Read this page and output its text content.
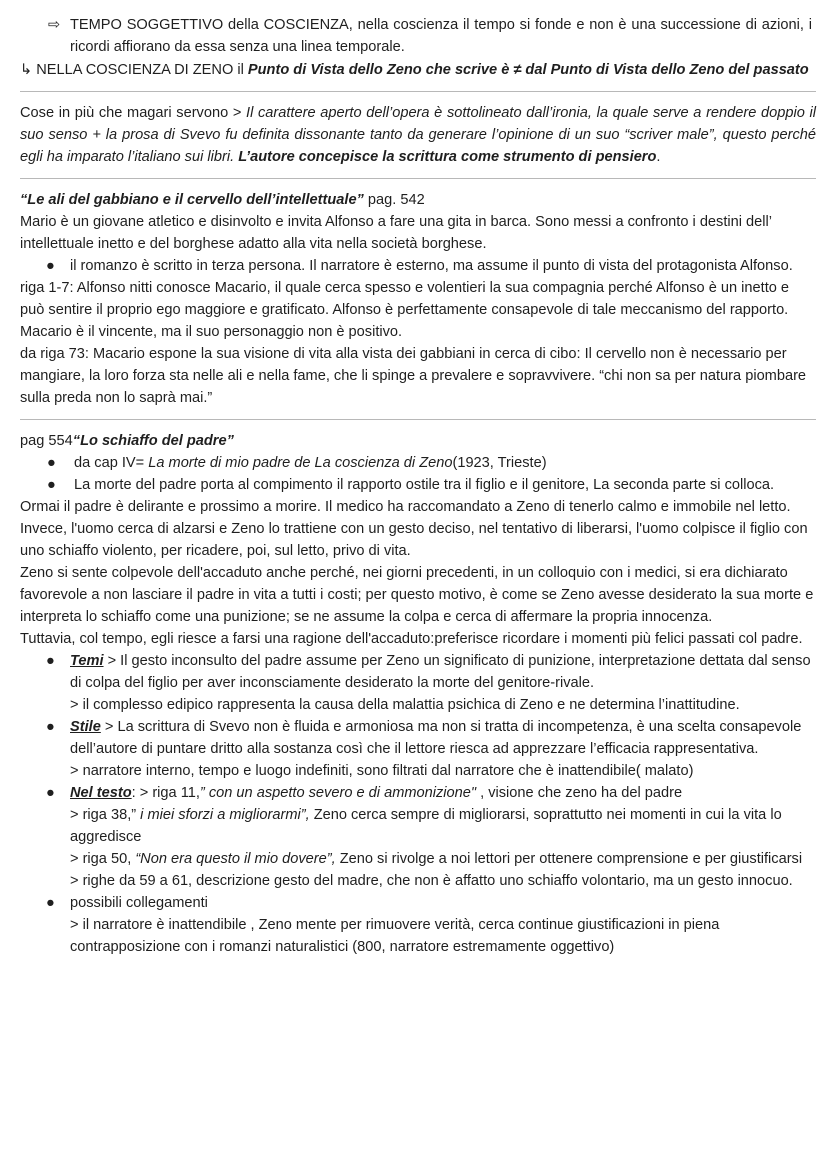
⇨ TEMPO SOGGETTIVO della COSCIENZA, nella coscienza il tempo si fonde e non è una successione di azioni, i ricordi affiorano da essa senza una linea temporale.

↳ NELLA COSCIENZA DI ZENO il Punto di Vista dello Zeno che scrive è ≠ dal Punto di Vista dello Zeno del passato

Cose in più che magari servono > Il carattere aperto dell’opera è sottolineato dall’ironia, la quale serve a rendere doppio il suo senso + la prosa di Svevo fu definita dissonante tanto da generare l’opinione di un suo “scriver male”, questo perché egli ha imparato l’italiano sui libri. L’autore concepisce la scrittura come strumento di pensiero.

“Le ali del gabbiano e il cervello dell’intellettuale” pag. 542

Mario è un giovane atletico e disinvolto e invita Alfonso a fare una gita in barca. Sono messi a confronto i destini dell’ intellettuale inetto e del borghese adatto alla vita nella società borghese.

● il romanzo è scritto in terza persona. Il narratore è esterno, ma assume il punto di vista del protagonista Alfonso.

riga 1-7: Alfonso nitti conosce Macario, il quale cerca spesso e volentieri la sua compagnia perché Alfonso è un inetto e può sentire il proprio ego maggiore e gratificato. Alfonso è perfettamente consapevole di tale meccanismo del rapporto. Macario è il vincente, ma il suo personaggio non è positivo.

da riga 73: Macario espone la sua visione di vita alla vista dei gabbiani in cerca di cibo: Il cervello non è necessario per mangiare, la loro forza sta nelle ali e nella fame, che li spinge a prevalere e sopravvivere. “chi non sa per natura piombare sulla preda non lo saprà mai.”

pag 554“Lo schiaffo del padre”

● da cap IV= La morte di mio padre de La coscienza di Zeno(1923, Trieste)
● La morte del padre porta al compimento il rapporto ostile tra il figlio e il genitore, La seconda parte si colloca.

Ormai il padre è delirante e prossimo a morire. Il medico ha raccomandato a Zeno di tenerlo calmo e immobile nel letto.

Invece, l'uomo cerca di alzarsi e Zeno lo trattiene con un gesto deciso, nel tentativo di liberarsi, l'uomo colpisce il figlio con uno schiaffo violento, per ricadere, poi, sul letto, privo di vita.

Zeno si sente colpevole dell'accaduto anche perché, nei giorni precedenti, in un colloquio con i medici, si era dichiarato favorevole a non lasciare il padre in vita a tutti i costi; per questo motivo, è come se Zeno avesse desiderato la sua morte e interpreta lo schiaffo come una punizione; se ne assume la colpa e cerca di affermare la propria innocenza.

Tuttavia, col tempo, egli riesce a farsi una ragione dell'accaduto:preferisce ricordare i momenti più felici passati col padre.

● Temi > Il gesto inconsulto del padre assume per Zeno un significato di punizione, interpretazione dettata dal senso di colpa del figlio per aver inconsciamente desiderato la morte del genitore-rivale.
> il complesso edipico rappresenta la causa della malattia psichica di Zeno e ne determina l’inattitudine.
● Stile > La scrittura di Svevo non è fluida e armoniosa ma non si tratta di incompetenza, è una scelta consapevole dell’autore di puntare dritto alla sostanza così che il lettore riesca ad apprezzare l’efficacia rappresentativa.
> narratore interno, tempo e luogo indefiniti, sono filtrati dal narratore che è inattendibile( malato)
● Nel testo: > riga 11,” con un aspetto severo e di ammonizione" , visione che zeno ha del padre
> riga 38,” i miei sforzi a migliorarmi”, Zeno cerca sempre di migliorarsi, soprattutto nei momenti in cui la vita lo aggredisce
> riga 50, “Non era questo il mio dovere”, Zeno si rivolge a noi lettori per ottenere comprensione e per giustificarsi
> righe da 59 a 61, descrizione gesto del madre, che non è affatto uno schiaffo volontario, ma un gesto innocuo.
● possibili collegamenti
> il narratore è inattendibile , Zeno mente per rimuovere verità, cerca continue giustificazioni in piena contrapposizione con i romanzi naturalistici (800, narratore estremamente oggettivo)
